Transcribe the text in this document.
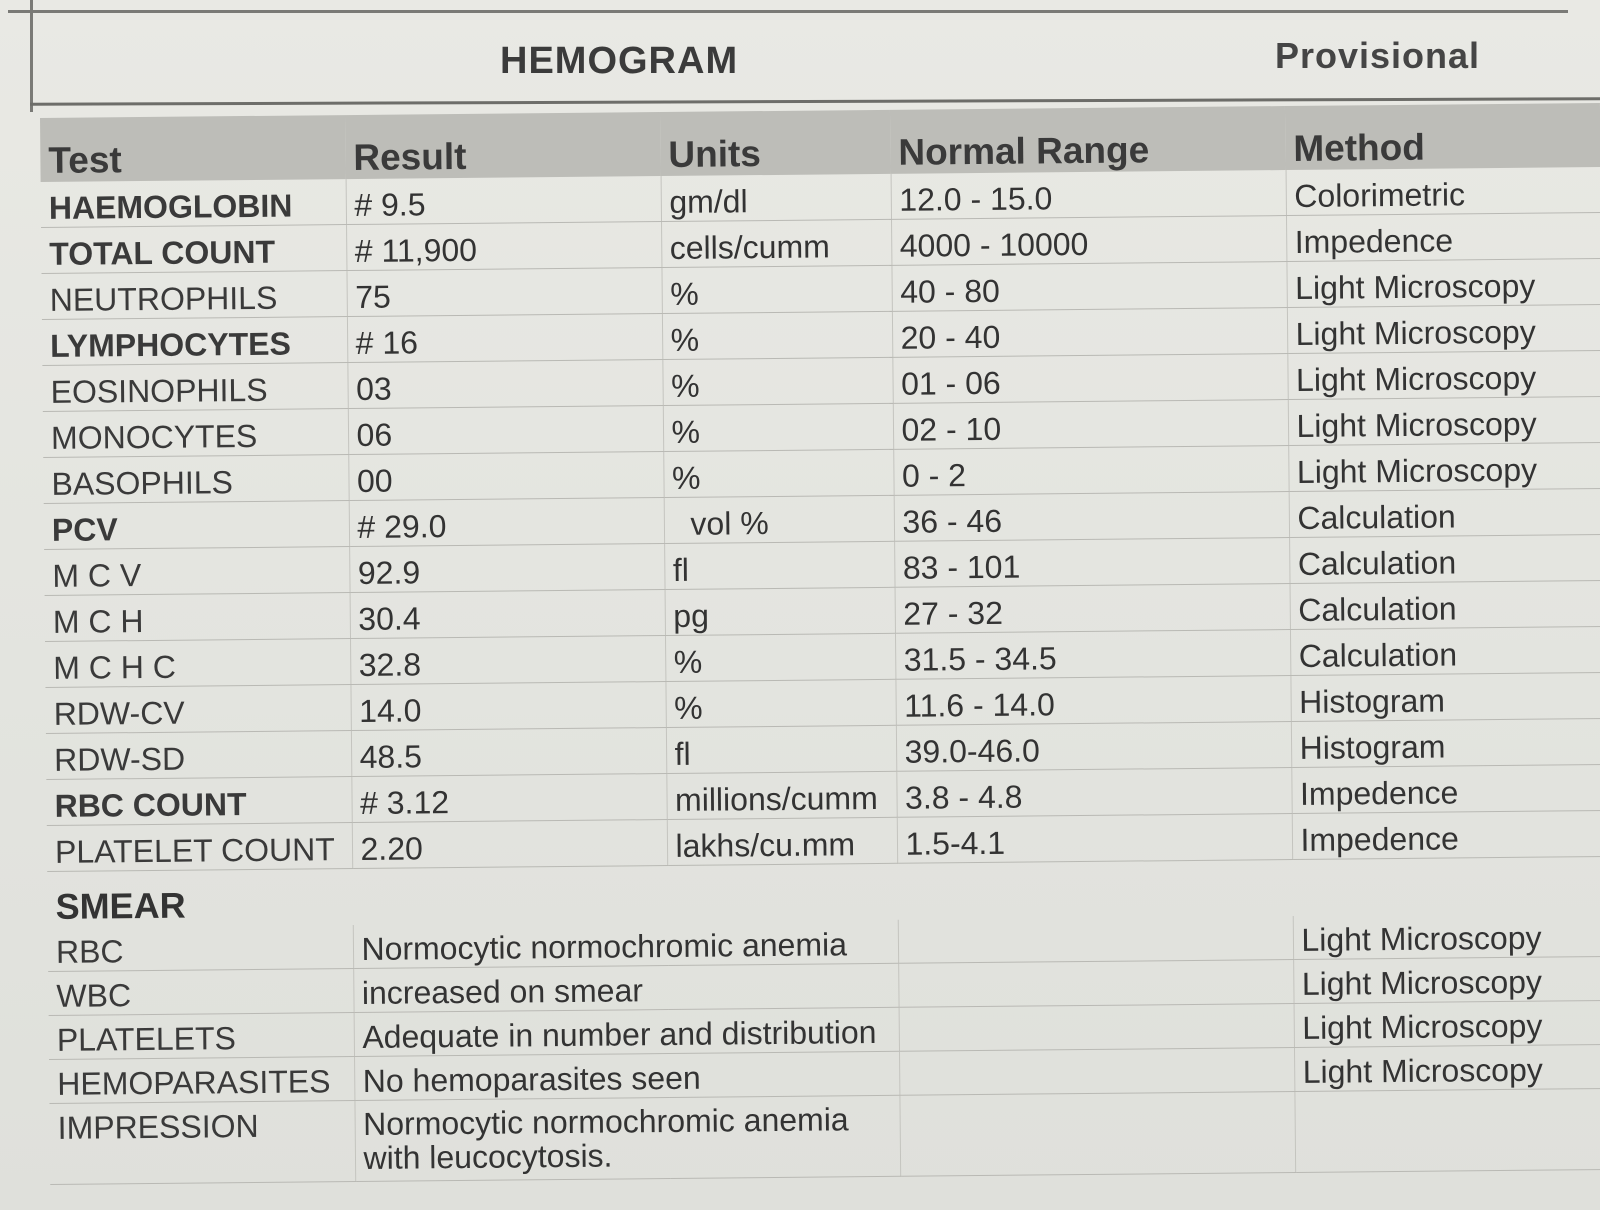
HEMOGRAM	Provisional
Test	Result	Units	Normal Range	Method
HAEMOGLOBIN	# 9.5	gm/dl	12.0 - 15.0	Colorimetric
TOTAL COUNT	# 11,900	cells/cumm	4000 - 10000	Impedence
NEUTROPHILS	75	%	40 - 80	Light Microscopy
LYMPHOCYTES	# 16	%	20 - 40	Light Microscopy
EOSINOPHILS	03	%	01 - 06	Light Microscopy
MONOCYTES	06	%	02 - 10	Light Microscopy
BASOPHILS	00	%	0 - 2	Light Microscopy
PCV	# 29.0	vol %	36 - 46	Calculation
M C V	92.9	fl	83 - 101	Calculation
M C H	30.4	pg	27 - 32	Calculation
M C H C	32.8	%	31.5 - 34.5	Calculation
RDW-CV	14.0	%	11.6 - 14.0	Histogram
RDW-SD	48.5	fl	39.0-46.0	Histogram
RBC COUNT	# 3.12	millions/cumm	3.8 - 4.8	Impedence
PLATELET COUNT	2.20	lakhs/cu.mm	1.5-4.1	Impedence
SMEAR				
RBC	Normocytic normochromic anemia			Light Microscopy
WBC	increased on smear			Light Microscopy
PLATELETS	Adequate in number and distribution			Light Microscopy
HEMOPARASITES	No hemoparasites seen			Light Microscopy
IMPRESSION	Normocytic normochromic anemia with leucocytosis.			
